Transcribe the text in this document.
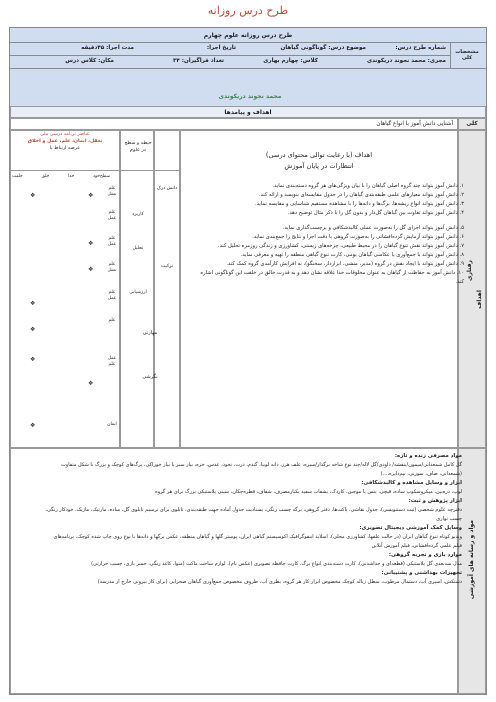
طرح درس روزانه
طرح درس روزانه علوم چهارم
شماره طرح درس:
موضوع درس: گوناگونی گیاهان
تاریخ اجرا:
مدت اجرا: ۴۵دقیقه
مجری: محمد نجوند دریکوندی
کلاس: چهارم بهاری
تعداد فراگیران: ۳۴
مکان: کلاس درس
مشخصات کلی
محمد نجوند دریکوندی
اهداف و پیامدها
آشنایی دانش آموز با انواع گیاهان	کلی
رفتاری
اهداف
عناصر برنامه درسی ملی
تعقل، ایمان، علم، عمل و اخلاق
عرصه ارتباط با
خود
خدا
خلق
خلقت	سطح
حیطه و سطح در علوم
اهداف (با رعایت توالی محتوای درسی)
انتظارات در پایان آموزش
۱. دانش آموز بتواند چند گروه اصلی گیاهان را با بیان ویژگی‌های هر گروه دسته‌بندی نماید.
۲. دانش آموز بتواند معیارهای علمی طبقه‌بندی گیاهان را در جدول مقایسه‌ای بنویسد و ارائه کند.
۳. دانش آموز بتواند انواع ریشه‌ها، برگ‌ها و دانه‌ها را با مشاهده مستقیم شناسایی و مقایسه نماید.
۴. دانش آموز بتواند تفاوت بین گیاهان گل‌دار و بدون گل را با ذکر مثال توضیح دهد.
۵. دانش آموز بتواند اجزای گل را به‌صورت عملی کالبدشکافی و برچسب‌گذاری نماید.
۶. دانش آموز بتواند آزمایش گرده‌افشانی را به‌صورت گروهی با دقت اجرا و نتایج را جمع‌بندی نماید.
۷. دانش آموز بتواند نقش تنوع گیاهان را در محیط طبیعی، چرخه‌های زیستی، کشاورزی و زندگی روزمره تحلیل کند.
۸. دانش آموز بتواند با جمع‌آوری یا عکاسی گیاهان بومی، کارت تنوع گیاهی منطقه را تهیه و معرفی نماید.
۹. دانش آموز بتواند با ایجاد نقش در گروه (مدیر، منشی، ابزاردار، سخنگو)، به افزایش کارآمدی گروه کمک کند.
۱۰. دانش آموز به حفاظت از گیاهان به عنوان مخلوقات خدا علاقه نشان دهد و به قدرت خالق در خلقت این گوناگونی اشاره کند.
دانش درک
کاربرد
ترکیب
تحلیل
ارزشیابی
مهارتی
نگرشی
علم تعقل
علم عمل
علم عمل
علم تعقل
علم عمل
علم
عمل علم
ایمان
❖
❖
❖
❖
❖
❖
❖
❖
❖
مواد و رسانه های آموزشی
مواد مصرفی زنده و تازه:
گل کامل شمعدانی/میمون/بنفشه/ داودی/گل لاله/چند نوع شاخه برگدار/سبزه، علف هرز، دانه لوبیا، گندم، ذرت، نخود، عدس، خزه، بیاز سبز با بیاز خوراکی، برگ‌های کوچک و بزرگ با شکل متفاوت (شمعدانی، صاف، سوزنی، نیم‌دایره،...)
ابزار و وسایل مشاهده و کالبدشکافی:
لوپ، ذره‌بین، میکروسکوپ ساده، قیچی، پنس یا موچین، کاردک، بشقاب سفید یکبارمصرف، شفاف، قطره‌چکان، سینی پلاستیکی بزرگ برای هر گروه
ابزار پژوهش و ثبت:
دفترچه علوم شخصی (ثبت دستنویسی)، جدول نقاشی، پاکت‌ها، دفتر گروهی، برگه چسب رنگی، یسنادیت جدول آماده جهت طبقه‌بندی، تابلوی برای ترسیم تابلوی گل، ساده، مارتیک، ماژیک، خودکار رنگی، چسب نواری
وسایل کمک آموزشی دیجیتال تصویری:
ویدیو کوتاه تنوع گیاهان ایران (در حالت علفها، کشاورزی محلی)، اسلاید اینفوگرافیک اکوسیستم گیاهی ایران، پوستر گلها و گیاهان منطقه، عکس برگها و دانه‌ها با نوع روی چاپ شده کوچک، برنامه‌های فیلم علمی گرده‌افشانی، فیلم آموزش آنلاین
موارد بازی و تجربه گروهی:
مدل سه‌بعدی گل پلاستیکی (قطعه‌ای و جداشدنی)، کارت دسته‌بندی انواع برگ، کارت حافظه تصویری (عکس نام)، لوازم ساخت ماکت (متوا، کاغذ رنگی، خمیر بازی، چسب حرارتی)
تجهیزات بهداشتی و پشتیبانی:
دستکش، اسپری آب، دستمال مرطوب، سطل زباله کوچک مخصوص ابزار کار هر گروه، بطری آب، ظروف مخصوص جمع‌آوری گیاهان صحرایی (برای کار بیرونی خارج از مدرسه)
